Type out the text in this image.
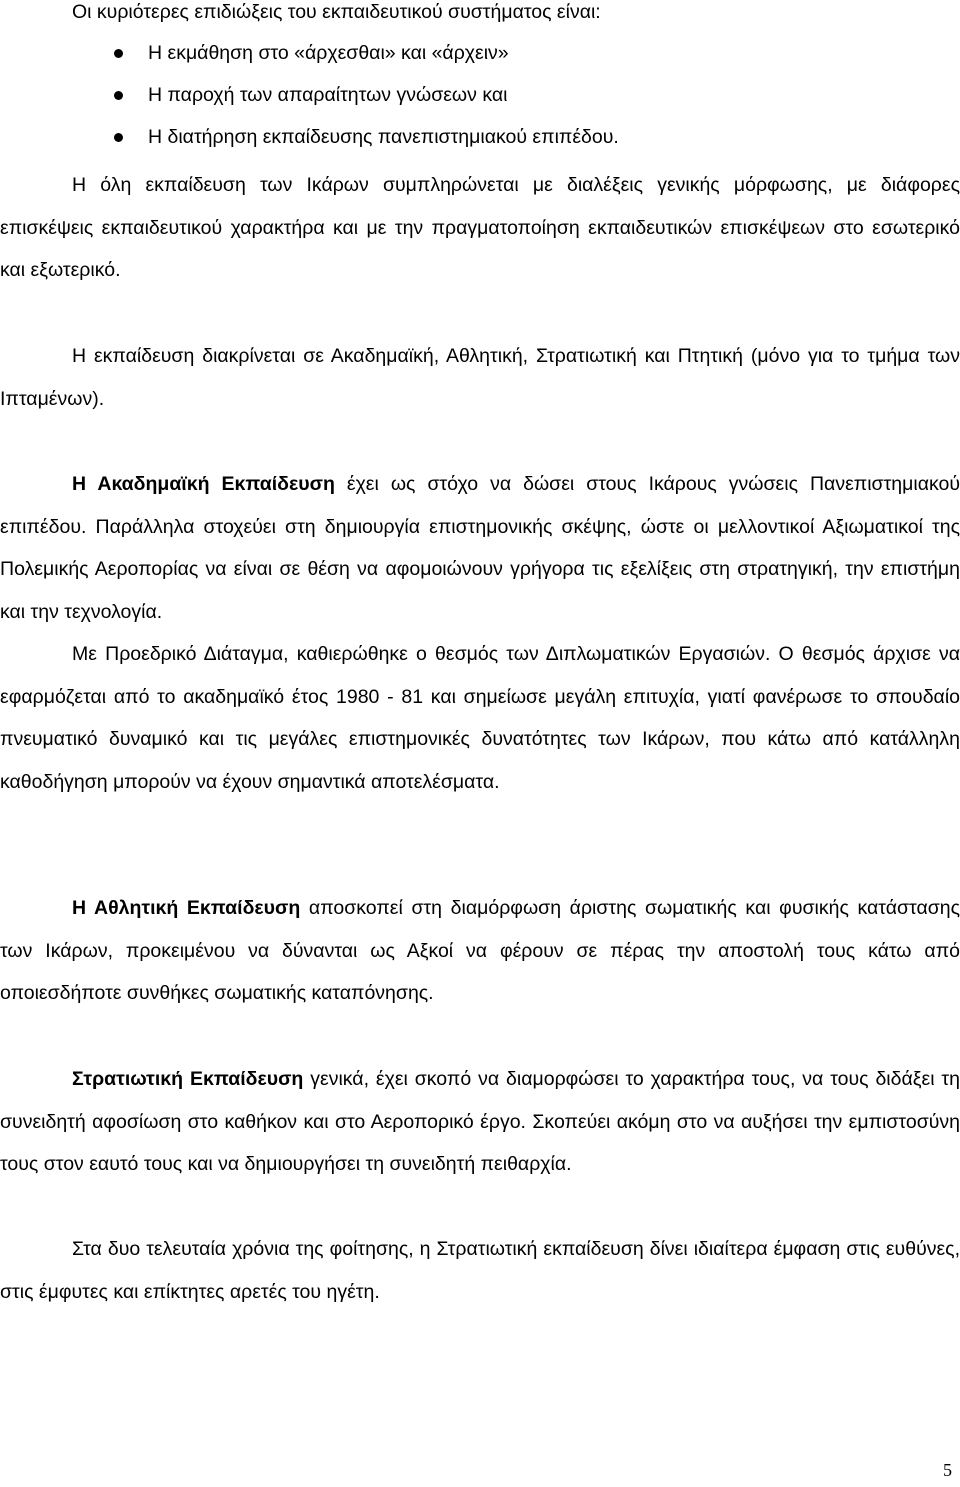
Οι κυριότερες επιδιώξεις του εκπαιδευτικού συστήματος είναι:
Η εκμάθηση στο «άρχεσθαι» και «άρχειν»
Η παροχή των απαραίτητων γνώσεων και
Η διατήρηση εκπαίδευσης πανεπιστημιακού επιπέδου.

Η όλη εκπαίδευση των Ικάρων συμπληρώνεται με διαλέξεις γενικής μόρφωσης, με διάφορες επισκέψεις εκπαιδευτικού χαρακτήρα και με την πραγματοποίηση εκπαιδευτικών επισκέψεων στο εσωτερικό και εξωτερικό.

Η εκπαίδευση διακρίνεται σε Ακαδημαϊκή, Αθλητική, Στρατιωτική και Πτητική (μόνο για το τμήμα των Ιπταμένων).

Η Ακαδημαϊκή Εκπαίδευση έχει ως στόχο να δώσει στους Ικάρους γνώσεις Πανεπιστημιακού επιπέδου. Παράλληλα στοχεύει στη δημιουργία επιστημονικής σκέψης, ώστε οι μελλοντικοί Αξιωματικοί της Πολεμικής Αεροπορίας να είναι σε θέση να αφομοιώνουν γρήγορα τις εξελίξεις στη στρατηγική, την επιστήμη και την τεχνολογία.

Με Προεδρικό Διάταγμα, καθιερώθηκε ο θεσμός των Διπλωματικών Εργασιών. Ο θεσμός άρχισε να εφαρμόζεται από το ακαδημαϊκό έτος 1980 - 81 και σημείωσε μεγάλη επιτυχία, γιατί φανέρωσε το σπουδαίο πνευματικό δυναμικό και τις μεγάλες επιστημονικές δυνατότητες των Ικάρων, που κάτω από κατάλληλη καθοδήγηση μπορούν να έχουν σημαντικά αποτελέσματα.

Η Αθλητική Εκπαίδευση αποσκοπεί στη διαμόρφωση άριστης σωματικής και φυσικής κατάστασης των Ικάρων, προκειμένου να δύνανται ως Αξκοί να φέρουν σε πέρας την αποστολή τους κάτω από οποιεσδήποτε συνθήκες σωματικής καταπόνησης.

Στρατιωτική Εκπαίδευση γενικά, έχει σκοπό να διαμορφώσει το χαρακτήρα τους, να τους διδάξει τη συνειδητή αφοσίωση στο καθήκον και στο Αεροπορικό έργο. Σκοπεύει ακόμη στο να αυξήσει την εμπιστοσύνη τους στον εαυτό τους και να δημιουργήσει τη συνειδητή πειθαρχία.

Στα δυο τελευταία χρόνια της φοίτησης, η Στρατιωτική εκπαίδευση δίνει ιδιαίτερα έμφαση στις ευθύνες, στις έμφυτες και επίκτητες αρετές του ηγέτη.

5
